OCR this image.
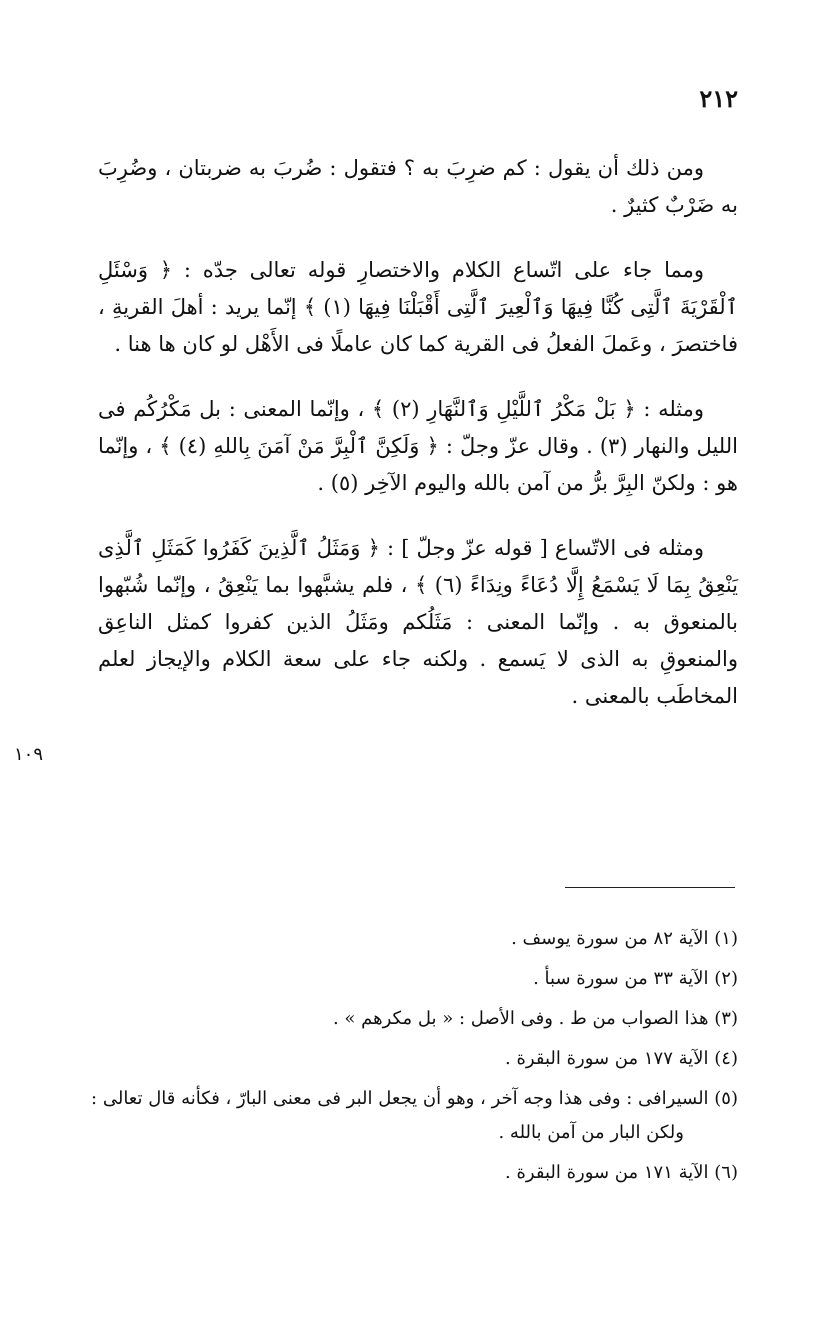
٢١٢

ومن ذلك أن يقول : كم ضرِبَ به ؟ فتقول : ضُربَ به ضربتان ، وضُرِبَ به ضَرْبٌ كثيرٌ .

ومما جاء على اتّساع الكلام والاختصارِ قوله تعالى جدّه : ﴿ وَسْئَلِ ٱلْقَرْيَةَ ٱلَّتِى كُنَّا فِيهَا وَٱلْعِيرَ ٱلَّتِى أَقْبَلْنَا فِيهَا (١) ﴾ إنّما يريد : أهلَ القريةِ ، فاختصرَ ، وعَملَ الفعلُ فى القرية كما كان عاملًا فى الأَهْل لو كان ها هنا .

ومثله : ﴿ بَلْ مَكْرُ ٱللَّيْلِ وَٱلنَّهَارِ (٢) ﴾ ، وإنّما المعنى : بل مَكْرُكُم فى الليل والنهار (٣) . وقال عزّ وجلّ : ﴿ وَلَكِنَّ ٱلْبِرَّ مَنْ آمَنَ بِاللهِ (٤) ﴾ ، وإنّما هو : ولكنّ البِرَّ برُّ من آمن بالله واليوم الآخِر (٥) .

ومثله فى الاتّساع [ قوله عزّ وجلّ ] : ﴿ وَمَثَلُ ٱلَّذِينَ كَفَرُوا كَمَثَلِ ٱلَّذِى يَنْعِقُ بِمَا لَا يَسْمَعُ إِلَّا دُعَاءً ونِدَاءً (٦) ﴾ ، فلم يشبَّهوا بما يَنْعِقُ ، وإنّما شُبّهوا بالمنعوق به . وإنّما المعنى : مَثَلُكم ومَثَلُ الذين كفروا كمثل الناعِق والمنعوقِ به الذى لا يَسمع . ولكنه جاء على سعة الكلام والإيجاز لعلم المخاطَب بالمعنى .

١٠٩

(١) الآية ٨٢ من سورة يوسف .

(٢) الآية ٣٣ من سورة سبأ .

(٣) هذا الصواب من ط . وفى الأصل : « بل مكرهم » .

(٤) الآية ١٧٧ من سورة البقرة .

(٥) السيرافى : وفى هذا وجه آخر ، وهو أن يجعل البر فى معنى البارّ ، فكأنه قال تعالى : ولكن البار من آمن بالله .

(٦) الآية ١٧١ من سورة البقرة .
